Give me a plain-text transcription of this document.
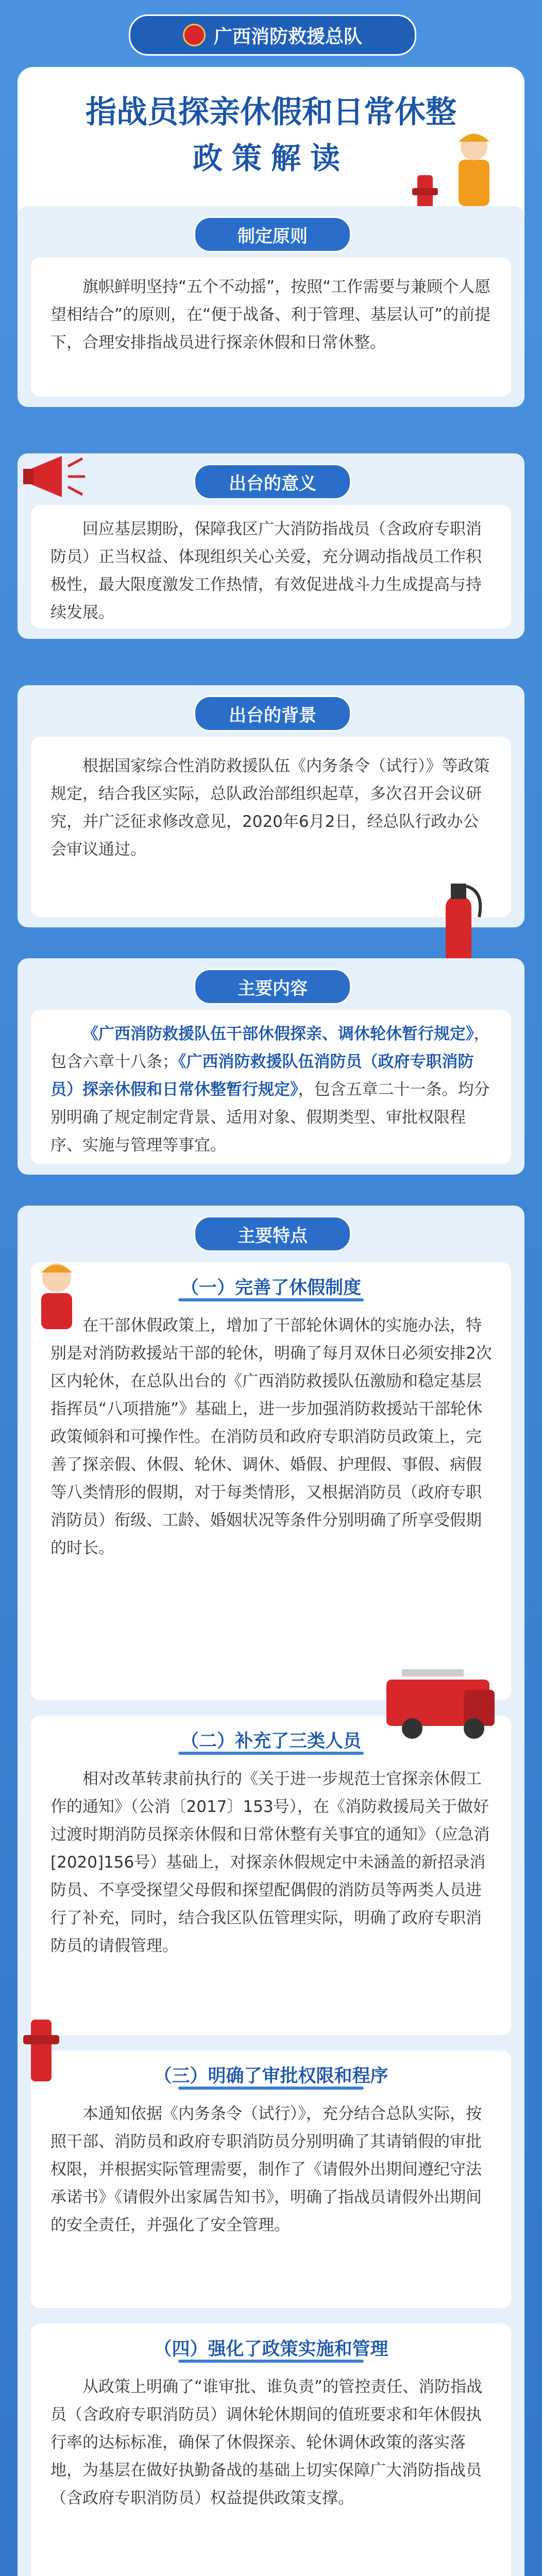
广西消防救援总队
指战员探亲休假和日常休整
政策解读
制定原则
旗帜鲜明坚持“五个不动摇”，按照“工作需要与兼顾个人愿望相结合”的原则，在“便于战备、利于管理、基层认可”的前提下，合理安排指战员进行探亲休假和日常休整。
出台的意义
回应基层期盼，保障我区广大消防指战员（含政府专职消防员）正当权益、体现组织关心关爱，充分调动指战员工作积极性，最大限度激发工作热情，有效促进战斗力生成提高与持续发展。
出台的背景
根据国家综合性消防救援队伍《内务条令（试行）》等政策规定，结合我区实际，总队政治部组织起草，多次召开会议研究，并广泛征求修改意见，2020年6月2日，经总队行政办公会审议通过。
主要内容
《广西消防救援队伍干部休假探亲、调休轮休暂行规定》，包含六章十八条；《广西消防救援队伍消防员（政府专职消防员）探亲休假和日常休整暂行规定》，包含五章二十一条。均分别明确了规定制定背景、适用对象、假期类型、审批权限程序、实施与管理等事宜。
主要特点
（一）完善了休假制度
在干部休假政策上，增加了干部轮休调休的实施办法，特别是对消防救援站干部的轮休，明确了每月双休日必须安排2次区内轮休，在总队出台的《广西消防救援队伍激励和稳定基层指挥员“八项措施”》基础上，进一步加强消防救援站干部轮休政策倾斜和可操作性。在消防员和政府专职消防员政策上，完善了探亲假、休假、轮休、调休、婚假、护理假、事假、病假等八类情形的假期，对于每类情形，又根据消防员（政府专职消防员）衔级、工龄、婚姻状况等条件分别明确了所享受假期的时长。
（二）补充了三类人员
相对改革转隶前执行的《关于进一步规范士官探亲休假工作的通知》（公消〔2017〕153号），在《消防救援局关于做好过渡时期消防员探亲休假和日常休整有关事宜的通知》（应急消[2020]156号）基础上，对探亲休假规定中未涵盖的新招录消防员、不享受探望父母假和探望配偶假的消防员等两类人员进行了补充，同时，结合我区队伍管理实际，明确了政府专职消防员的请假管理。
（三）明确了审批权限和程序
本通知依据《内务条令（试行）》，充分结合总队实际，按照干部、消防员和政府专职消防员分别明确了其请销假的审批权限，并根据实际管理需要，制作了《请假外出期间遵纪守法承诺书》《请假外出家属告知书》，明确了指战员请假外出期间的安全责任，并强化了安全管理。
（四）强化了政策实施和管理
从政策上明确了“谁审批、谁负责”的管控责任、消防指战员（含政府专职消防员）调休轮休期间的值班要求和年休假执行率的达标标准，确保了休假探亲、轮休调休政策的落实落地，为基层在做好执勤备战的基础上切实保障广大消防指战员（含政府专职消防员）权益提供政策支撑。
